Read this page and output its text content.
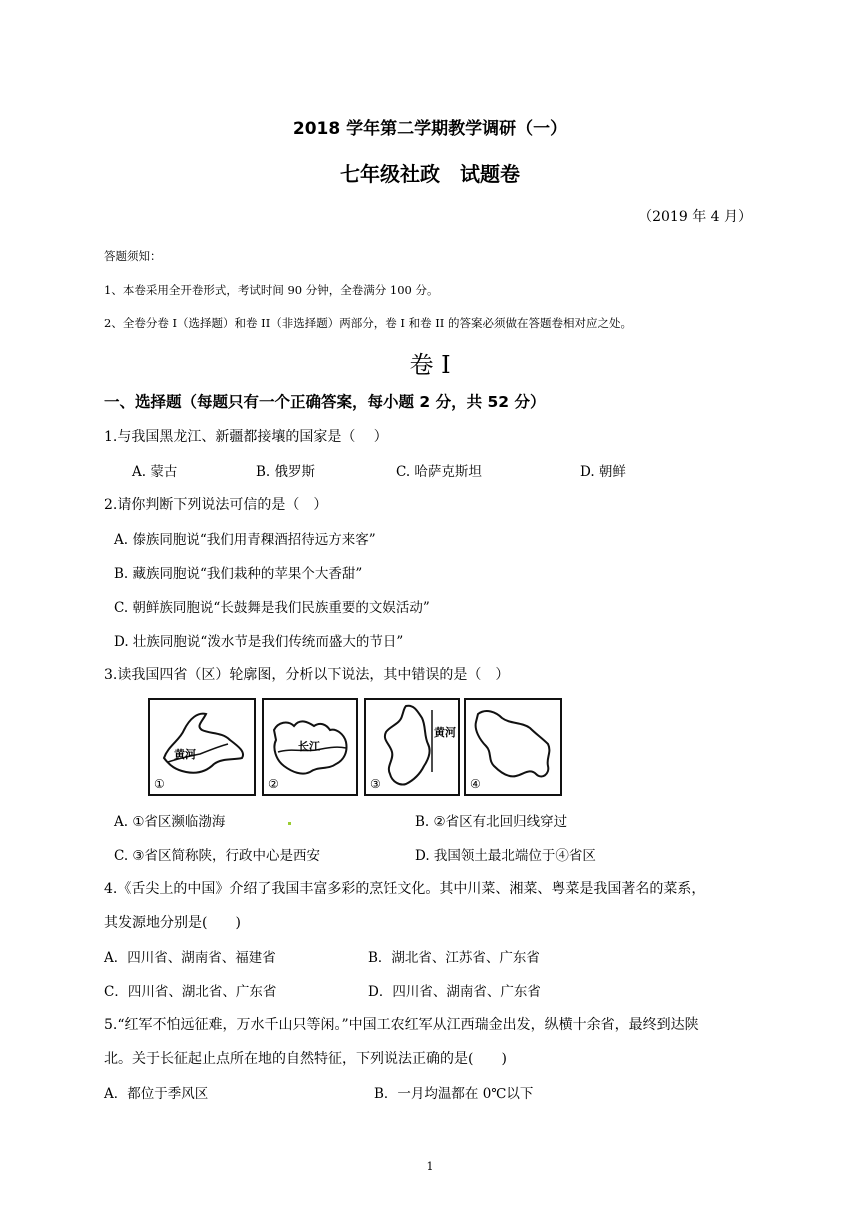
2018 学年第二学期教学调研（一）
七年级社政　试题卷
（2019 年 4 月）
答题须知：
1、本卷采用全开卷形式，考试时间 90 分钟，全卷满分 100 分。
2、全卷分卷 I（选择题）和卷 II（非选择题）两部分，卷 I 和卷 II 的答案必须做在答题卷相对应之处。
卷 I
一、选择题（每题只有一个正确答案，每小题 2 分，共 52 分）
1.与我国黑龙江、新疆都接壤的国家是（　 ）
A. 蒙古	B. 俄罗斯	C. 哈萨克斯坦	D. 朝鲜
2.请你判断下列说法可信的是（　）
A. 傣族同胞说“我们用青稞酒招待远方来客”
B. 藏族同胞说“我们栽种的苹果个大香甜”
C. 朝鲜族同胞说“长鼓舞是我们民族重要的文娱活动”
D. 壮族同胞说“泼水节是我们传统而盛大的节日”
3.读我国四省（区）轮廓图，分析以下说法，其中错误的是（　）
黄河
①
长江
②
黄河
③	④
A. ①省区濒临渤海	B. ②省区有北回归线穿过
C. ③省区简称陕，行政中心是西安	D. 我国领土最北端位于④省区
4.《舌尖上的中国》介绍了我国丰富多彩的烹饪文化。其中川菜、湘菜、粤菜是我国著名的菜系，
其发源地分别是(　　)
A．四川省、湖南省、福建省	B．湖北省、江苏省、广东省
C．四川省、湖北省、广东省	D．四川省、湖南省、广东省
5.“红军不怕远征难，万水千山只等闲。”中国工农红军从江西瑞金出发，纵横十余省，最终到达陕
北。关于长征起止点所在地的自然特征，下列说法正确的是(　　)
A．都位于季风区	B．一月均温都在 0℃以下
1
